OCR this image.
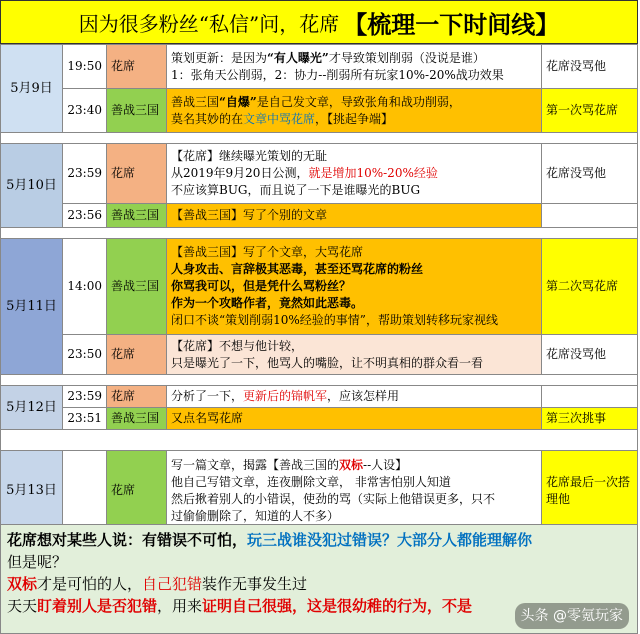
因为很多粉丝“私信”问，花席 【梳理一下时间线】
5月9日	19:50	花席	策划更新：是因为“有人曝光”才导致策划削弱（没说是谁）
1：张角天公削弱，2：协力--削弱所有玩家10%-20%战功效果	花席没骂他
	23:40	善战三国	善战三国“自爆”是自己发文章，导致张角和战功削弱，
莫名其妙的在文章中骂花席，【挑起争端】	第一次骂花席

5月10日	23:59	花席	【花席】继续曝光策划的无耻
从2019年9月20日公测，就是增加10%-20%经验
不应该算BUG，而且说了一下是谁曝光的BUG	花席没骂他
	23:56	善战三国	【善战三国】写了个别的文章	

5月11日	14:00	善战三国	【善战三国】写了个文章，大骂花席
人身攻击、言辞极其恶毒，甚至还骂花席的粉丝
你骂我可以，但是凭什么骂粉丝？
作为一个攻略作者，竟然如此恶毒。
闭口不谈“策划削弱10%经验的事情”，帮助策划转移玩家视线	第二次骂花席
	23:50	花席	【花席】不想与他计较，
只是曝光了一下，他骂人的嘴脸，让不明真相的群众看一看	花席没骂他

5月12日	23:59	花席	分析了一下，更新后的锦帆军，应该怎样用	
	23:51	善战三国	又点名骂花席	第三次挑事

5月13日		花席	写一篇文章，揭露【善战三国的双标--人设】
他自己写错文章，连夜删除文章， 非常害怕别人知道
然后揪着别人的小错误，使劲的骂（实际上他错误更多，只不
过偷偷删除了，知道的人不多）	花席最后一次搭理他

花席想对某些人说：有错误不可怕，玩三战谁没犯过错误？大部分人都能理解你

但是呢？

双标才是可怕的人，自己犯错装作无事发生过

天天盯着别人是否犯错，用来证明自己很强，这是很幼稚的行为，不是

头条 @零氪玩家
